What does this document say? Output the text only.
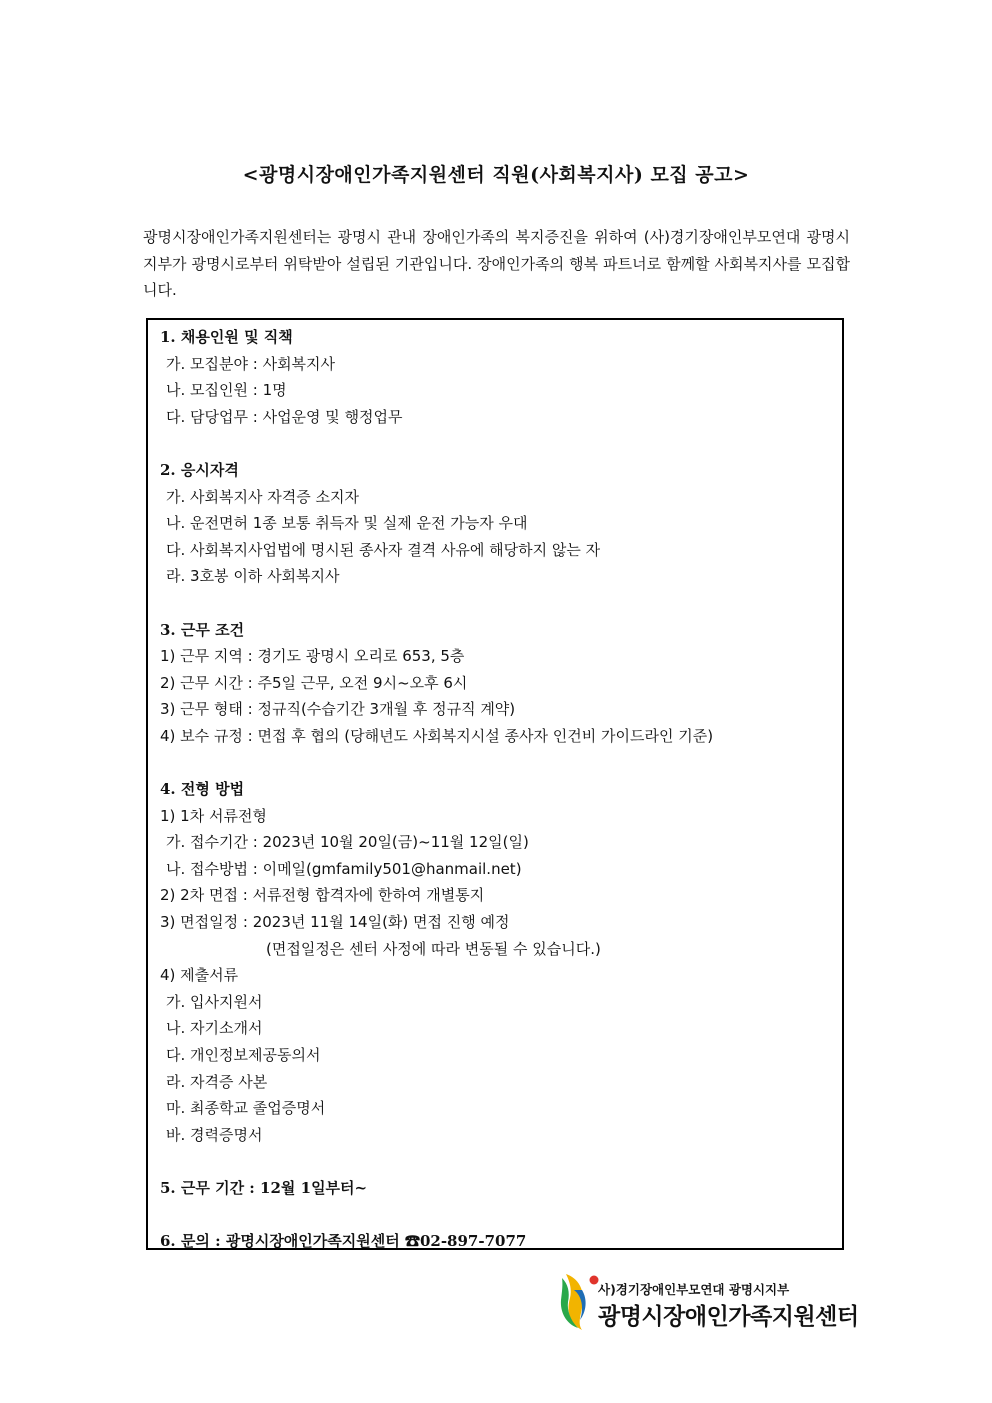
<광명시장애인가족지원센터 직원(사회복지사) 모집 공고>
광명시장애인가족지원센터는 광명시 관내 장애인가족의 복지증진을 위하여 (사)경기장애인부모연대 광명시지부가 광명시로부터 위탁받아 설립된 기관입니다. 장애인가족의 행복 파트너로 함께할 사회복지사를 모집합니다.
1. 채용인원 및 직책
가. 모집분야 : 사회복지사
나. 모집인원 : 1명
다. 담당업무 : 사업운영 및 행정업무
2. 응시자격
가. 사회복지사 자격증 소지자
나. 운전면허 1종 보통 취득자 및 실제 운전 가능자 우대
다. 사회복지사업법에 명시된 종사자 결격 사유에 해당하지 않는 자
라. 3호봉 이하 사회복지사
3. 근무 조건
1) 근무 지역 : 경기도 광명시 오리로 653, 5층
2) 근무 시간 : 주5일 근무, 오전 9시~오후 6시
3) 근무 형태 : 정규직(수습기간 3개월 후 정규직 계약)
4) 보수 규정 : 면접 후 협의 (당해년도 사회복지시설 종사자 인건비 가이드라인 기준)
4. 전형 방법
1) 1차 서류전형
가. 접수기간 : 2023년 10월 20일(금)~11월 12일(일)
나. 접수방법 : 이메일(gmfamily501@hanmail.net)
2) 2차 면접 : 서류전형 합격자에 한하여 개별통지
3) 면접일정 : 2023년 11월 14일(화) 면접 진행 예정
(면접일정은 센터 사정에 따라 변동될 수 있습니다.)
4) 제출서류
가. 입사지원서
나. 자기소개서
다. 개인정보제공동의서
라. 자격증 사본
마. 최종학교 졸업증명서
바. 경력증명서
5. 근무 기간 : 12월 1일부터~
6. 문의 : 광명시장애인가족지원센터 ☎02-897-7077
사)경기장애인부모연대 광명시지부
광명시장애인가족지원센터
